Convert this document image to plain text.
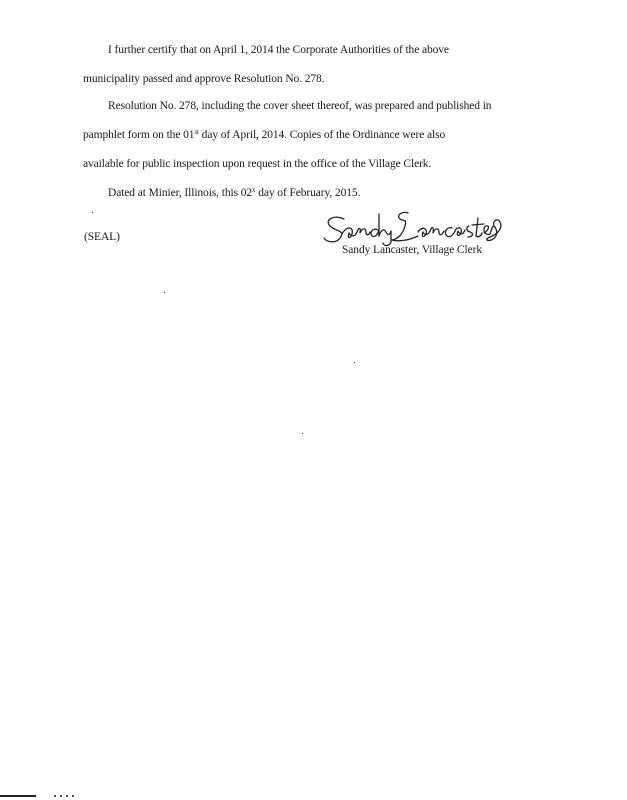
I further certify that on April 1, 2014 the Corporate Authorities of the above
municipality passed and approve Resolution No. 278.
Resolution No. 278, including the cover sheet thereof, was prepared and published in
pamphlet form on the 01st day of April, 2014. Copies of the Ordinance were also
available for public inspection upon request in the office of the Village Clerk.
Dated at Minier, Illinois, this 02$^x$ day of February, 2015.
(SEAL)
Sandy Lancaster, Village Clerk
